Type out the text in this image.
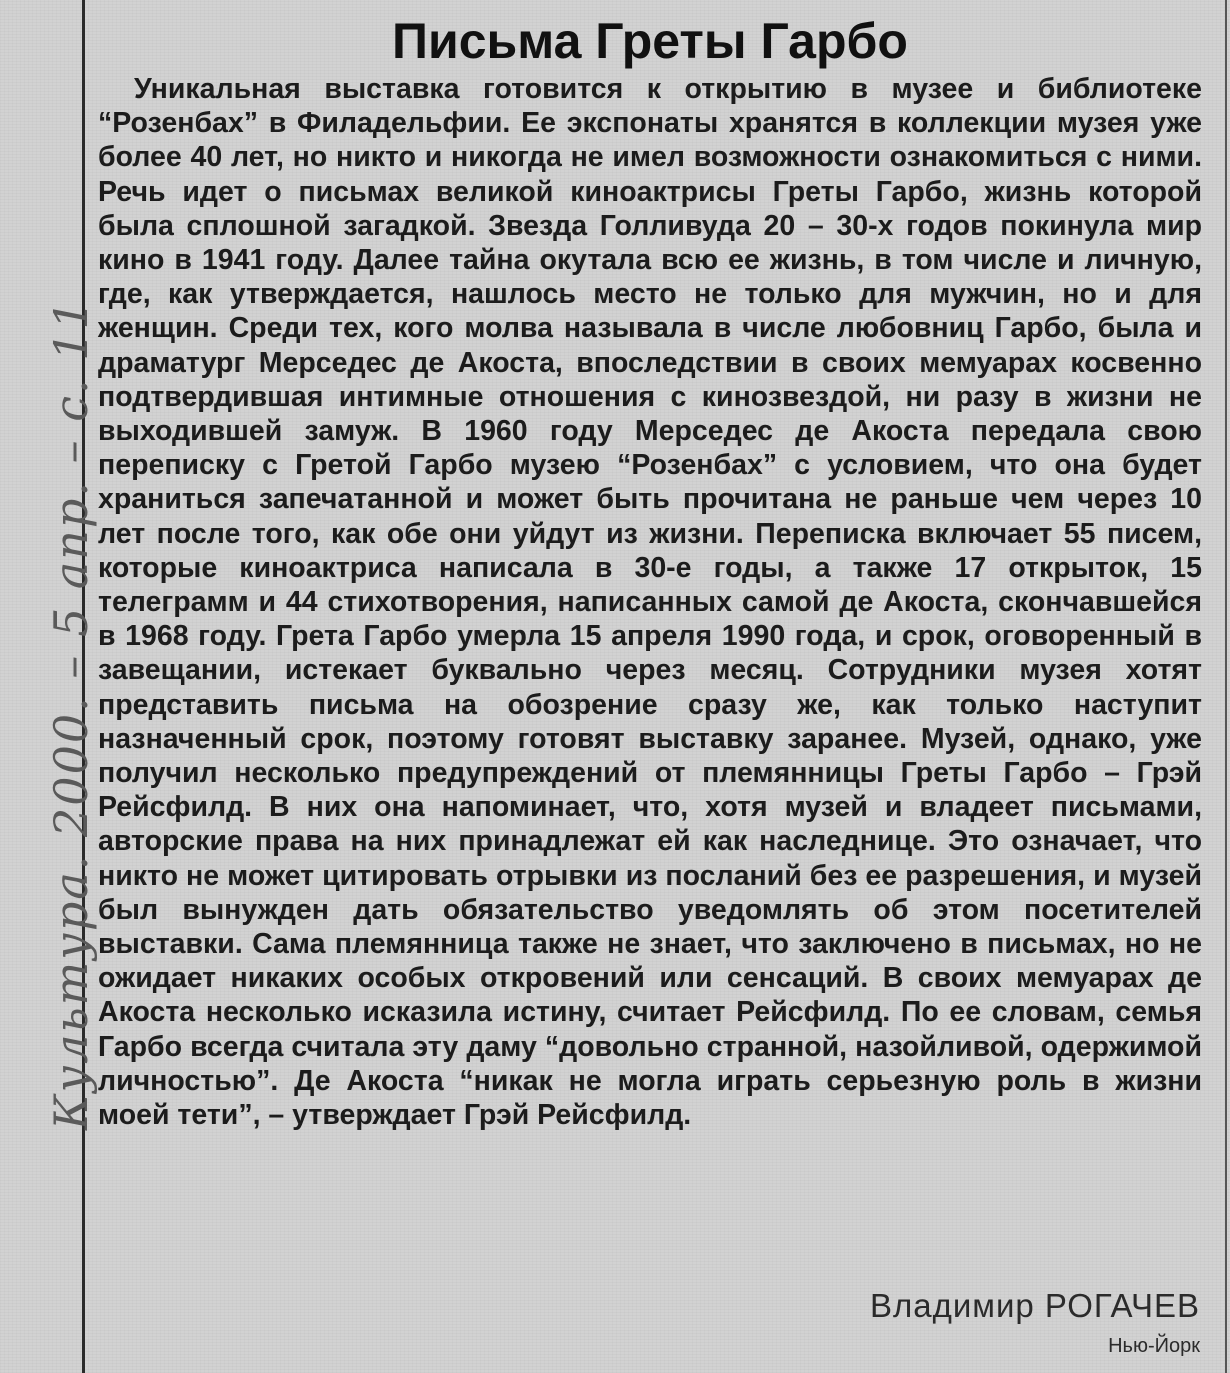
Культура. 2000. – 5 апр. – с. 11
Письма Греты Гарбо

Уникальная выставка готовится к открытию в музее и библиотеке “Розенбах” в Филадельфии. Ее экспонаты хранятся в коллекции музея уже более 40 лет, но никто и никогда не имел возможности ознакомиться с ними. Речь идет о письмах великой киноактрисы Греты Гарбо, жизнь которой была сплошной загадкой. Звезда Голливуда 20 – 30-х годов покинула мир кино в 1941 году. Далее тайна окутала всю ее жизнь, в том числе и личную, где, как утверждается, нашлось место не только для мужчин, но и для женщин. Среди тех, кого молва называла в числе любовниц Гарбо, была и драматург Мерседес де Акоста, впоследствии в своих мемуарах косвенно подтвердившая интимные отношения с кинозвездой, ни разу в жизни не выходившей замуж. В 1960 году Мерседес де Акоста передала свою переписку с Гретой Гарбо музею “Розенбах” с условием, что она будет храниться запечатанной и может быть прочитана не раньше чем через 10 лет после того, как обе они уйдут из жизни. Переписка включает 55 писем, которые киноактриса написала в 30-е годы, а также 17 открыток, 15 телеграмм и 44 стихотворения, написанных самой де Акоста, скончавшейся в 1968 году. Грета Гарбо умерла 15 апреля 1990 года, и срок, оговоренный в завещании, истекает буквально через месяц. Сотрудники музея хотят представить письма на обозрение сразу же, как только наступит назначенный срок, поэтому готовят выставку заранее. Музей, однако, уже получил несколько предупреждений от племянницы Греты Гарбо – Грэй Рейсфилд. В них она напоминает, что, хотя музей и владеет письмами, авторские права на них принадлежат ей как наследнице. Это означает, что никто не может цитировать отрывки из посланий без ее разрешения, и музей был вынужден дать обязательство уведомлять об этом посетителей выставки. Сама племянница также не знает, что заключено в письмах, но не ожидает никаких особых откровений или сенсаций. В своих мемуарах де Акоста несколько исказила истину, считает Рейсфилд. По ее словам, семья Гарбо всегда считала эту даму “довольно странной, назойливой, одержимой личностью”. Де Акоста “никак не могла играть серьезную роль в жизни моей тети”, – утверждает Грэй Рейсфилд.

Владимир РОГАЧЕВ
Нью-Йорк
